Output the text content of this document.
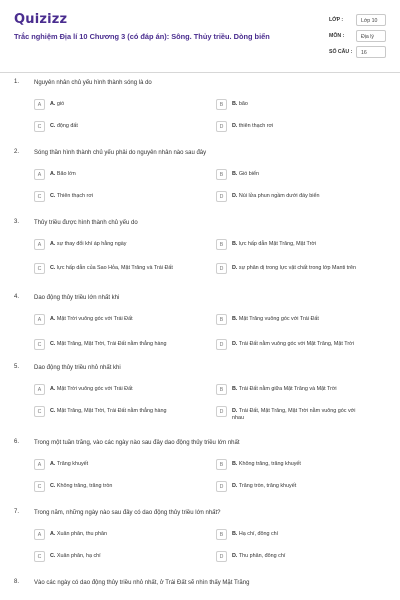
Quizizz
Trắc nghiệm Địa lí 10 Chương 3 (có đáp án): Sông. Thủy triều. Dòng biển
LỚP :	Lớp 10
MÔN :	Địa lý
SỐ CÂU :	16
1. Nguyên nhân chủ yếu hình thành sóng là do
A	A. gió	B	B. bão
C	C. động đất	D	D. thiên thạch rơi
2. Sóng thần hình thành chủ yếu phải do nguyên nhân nào sau đây
A	A. Bão lớn	B	B. Gió biển
C	C. Thiên thạch rơi	D	D. Núi lửa phun ngầm dưới đáy biển
3. Thủy triều được hình thành chủ yếu do
A	A. sự thay đổi khí áp hằng ngày	B	B. lực hấp dẫn Mặt Trăng, Mặt Trời
C	C. lực hấp dẫn của Sao Hỏa, Mặt Trăng và Trái Đất	D	D. sự phân dị trong lực vật chất trong lớp Manti trên
4. Dao động thủy triều lớn nhất khi
A	A. Mặt Trời vuông góc với Trái Đất	B	B. Mặt Trăng vuông góc với Trái Đất
C	C. Mặt Trăng, Mặt Trời, Trái Đất nằm thẳng hàng	D	D. Trái Đất nằm vuông góc với Mặt Trăng, Mặt Trời
5. Dao động thủy triều nhỏ nhất khi
A	A. Mặt Trời vuông góc với Trái Đất	B	B. Trái Đất nằm giữa Mặt Trăng và Mặt Trời
C	C. Mặt Trăng, Mặt Trời, Trái Đất nằm thẳng hàng	D	D. Trái Đất, Mặt Trăng, Mặt Trời nằm vuông góc với nhau
6. Trong một tuần trăng, vào các ngày nào sau đây dao động thủy triều lớn nhất
A	A. Trăng khuyết	B	B. Không trăng, trăng khuyết
C	C. Không trăng, trăng tròn	D	D. Trăng tròn, trăng khuyết
7. Trong năm, những ngày nào sau đây có dao động thủy triều lớn nhất?
A	A. Xuân phân, thu phân	B	B. Hạ chí, đông chí
C	C. Xuân phân, hạ chí	D	D. Thu phân, đông chí
8. Vào các ngày có dao động thủy triều nhỏ nhất, ở Trái Đất sẽ nhìn thấy Mặt Trăng
